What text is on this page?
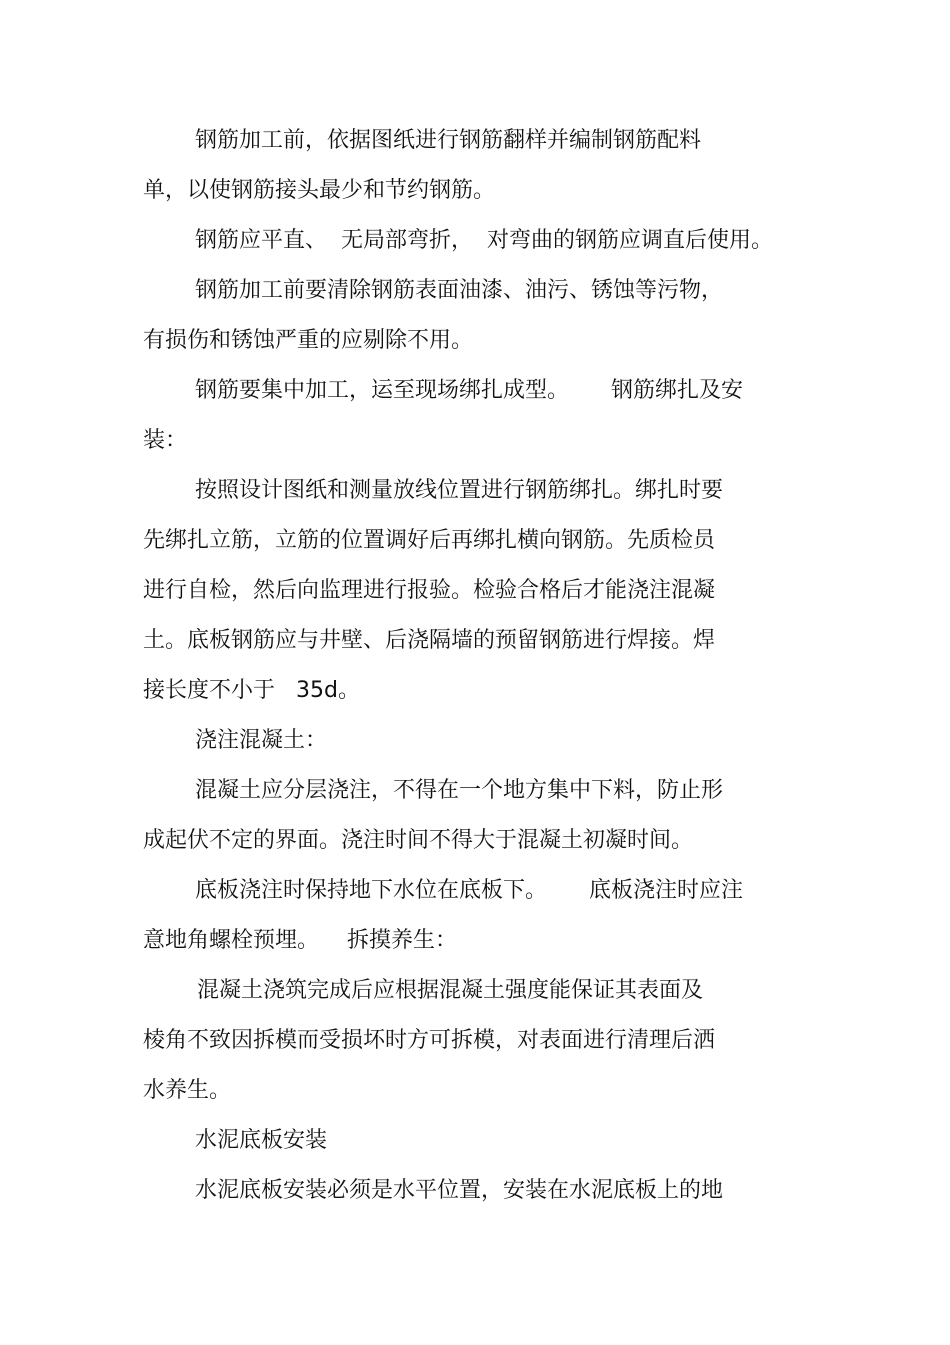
钢筋加工前，依据图纸进行钢筋翻样并编制钢筋配料
单，以使钢筋接头最少和节约钢筋。
钢筋应平直、  无局部弯折，  对弯曲的钢筋应调直后使用。
钢筋加工前要清除钢筋表面油漆、油污、锈蚀等污物，
有损伤和锈蚀严重的应剔除不用。
钢筋要集中加工，运至现场绑扎成型。      钢筋绑扎及安
装：
按照设计图纸和测量放线位置进行钢筋绑扎。绑扎时要
先绑扎立筋，立筋的位置调好后再绑扎横向钢筋。先质检员
进行自检，然后向监理进行报验。检验合格后才能浇注混凝
土。底板钢筋应与井壁、后浇隔墙的预留钢筋进行焊接。焊
接长度不小于   35d。
浇注混凝土：
混凝土应分层浇注，不得在一个地方集中下料，防止形
成起伏不定的界面。浇注时间不得大于混凝土初凝时间。
底板浇注时保持地下水位在底板下。      底板浇注时应注
意地角螺栓预埋。    拆摸养生：
混凝土浇筑完成后应根据混凝土强度能保证其表面及
棱角不致因拆模而受损坏时方可拆模，对表面进行清理后洒
水养生。
水泥底板安装
水泥底板安装必须是水平位置，安装在水泥底板上的地
